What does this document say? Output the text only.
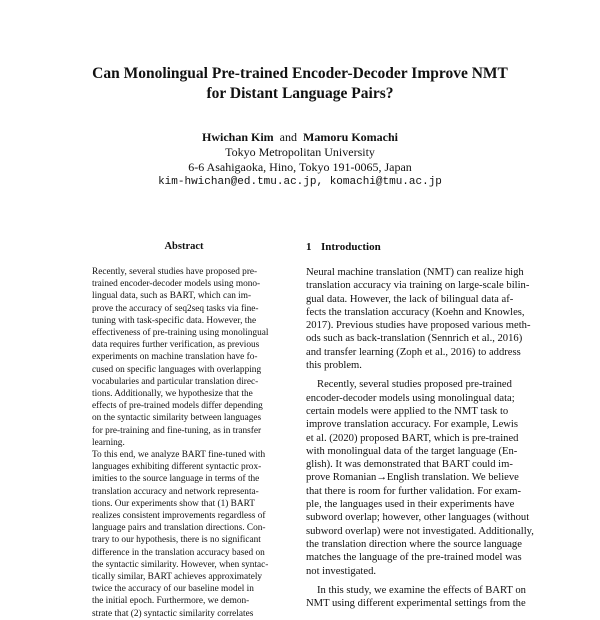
Can Monolingual Pre-trained Encoder-Decoder Improve NMT
for Distant Language Pairs?
Hwichan Kim and Mamoru Komachi
Tokyo Metropolitan University
6-6 Asahigaoka, Hino, Tokyo 191-0065, Japan
kim-hwichan@ed.tmu.ac.jp, komachi@tmu.ac.jp
Abstract
Recently, several studies have proposed pre-
trained encoder-decoder models using mono-
lingual data, such as BART, which can im-
prove the accuracy of seq2seq tasks via fine-
tuning with task-specific data. However, the
effectiveness of pre-training using monolingual
data requires further verification, as previous
experiments on machine translation have fo-
cused on specific languages with overlapping
vocabularies and particular translation direc-
tions. Additionally, we hypothesize that the
effects of pre-trained models differ depending
on the syntactic similarity between languages
for pre-training and fine-tuning, as in transfer
learning.
To this end, we analyze BART fine-tuned with
languages exhibiting different syntactic prox-
imities to the source language in terms of the
translation accuracy and network representa-
tions. Our experiments show that (1) BART
realizes consistent improvements regardless of
language pairs and translation directions. Con-
trary to our hypothesis, there is no significant
difference in the translation accuracy based on
the syntactic similarity. However, when syntac-
tically similar, BART achieves approximately
twice the accuracy of our baseline model in
the initial epoch. Furthermore, we demon-
strate that (2) syntactic similarity correlates
1 Introduction
Neural machine translation (NMT) can realize high
translation accuracy via training on large-scale bilin-
gual data. However, the lack of bilingual data af-
fects the translation accuracy (Koehn and Knowles,
2017). Previous studies have proposed various meth-
ods such as back-translation (Sennrich et al., 2016)
and transfer learning (Zoph et al., 2016) to address
this problem.
Recently, several studies proposed pre-trained
encoder-decoder models using monolingual data;
certain models were applied to the NMT task to
improve translation accuracy. For example, Lewis
et al. (2020) proposed BART, which is pre-trained
with monolingual data of the target language (En-
glish). It was demonstrated that BART could im-
prove Romanian→English translation. We believe
that there is room for further validation. For exam-
ple, the languages used in their experiments have
subword overlap; however, other languages (without
subword overlap) were not investigated. Additionally,
the translation direction where the source language
matches the language of the pre-trained model was
not investigated.
In this study, we examine the effects of BART on
NMT using different experimental settings from the
